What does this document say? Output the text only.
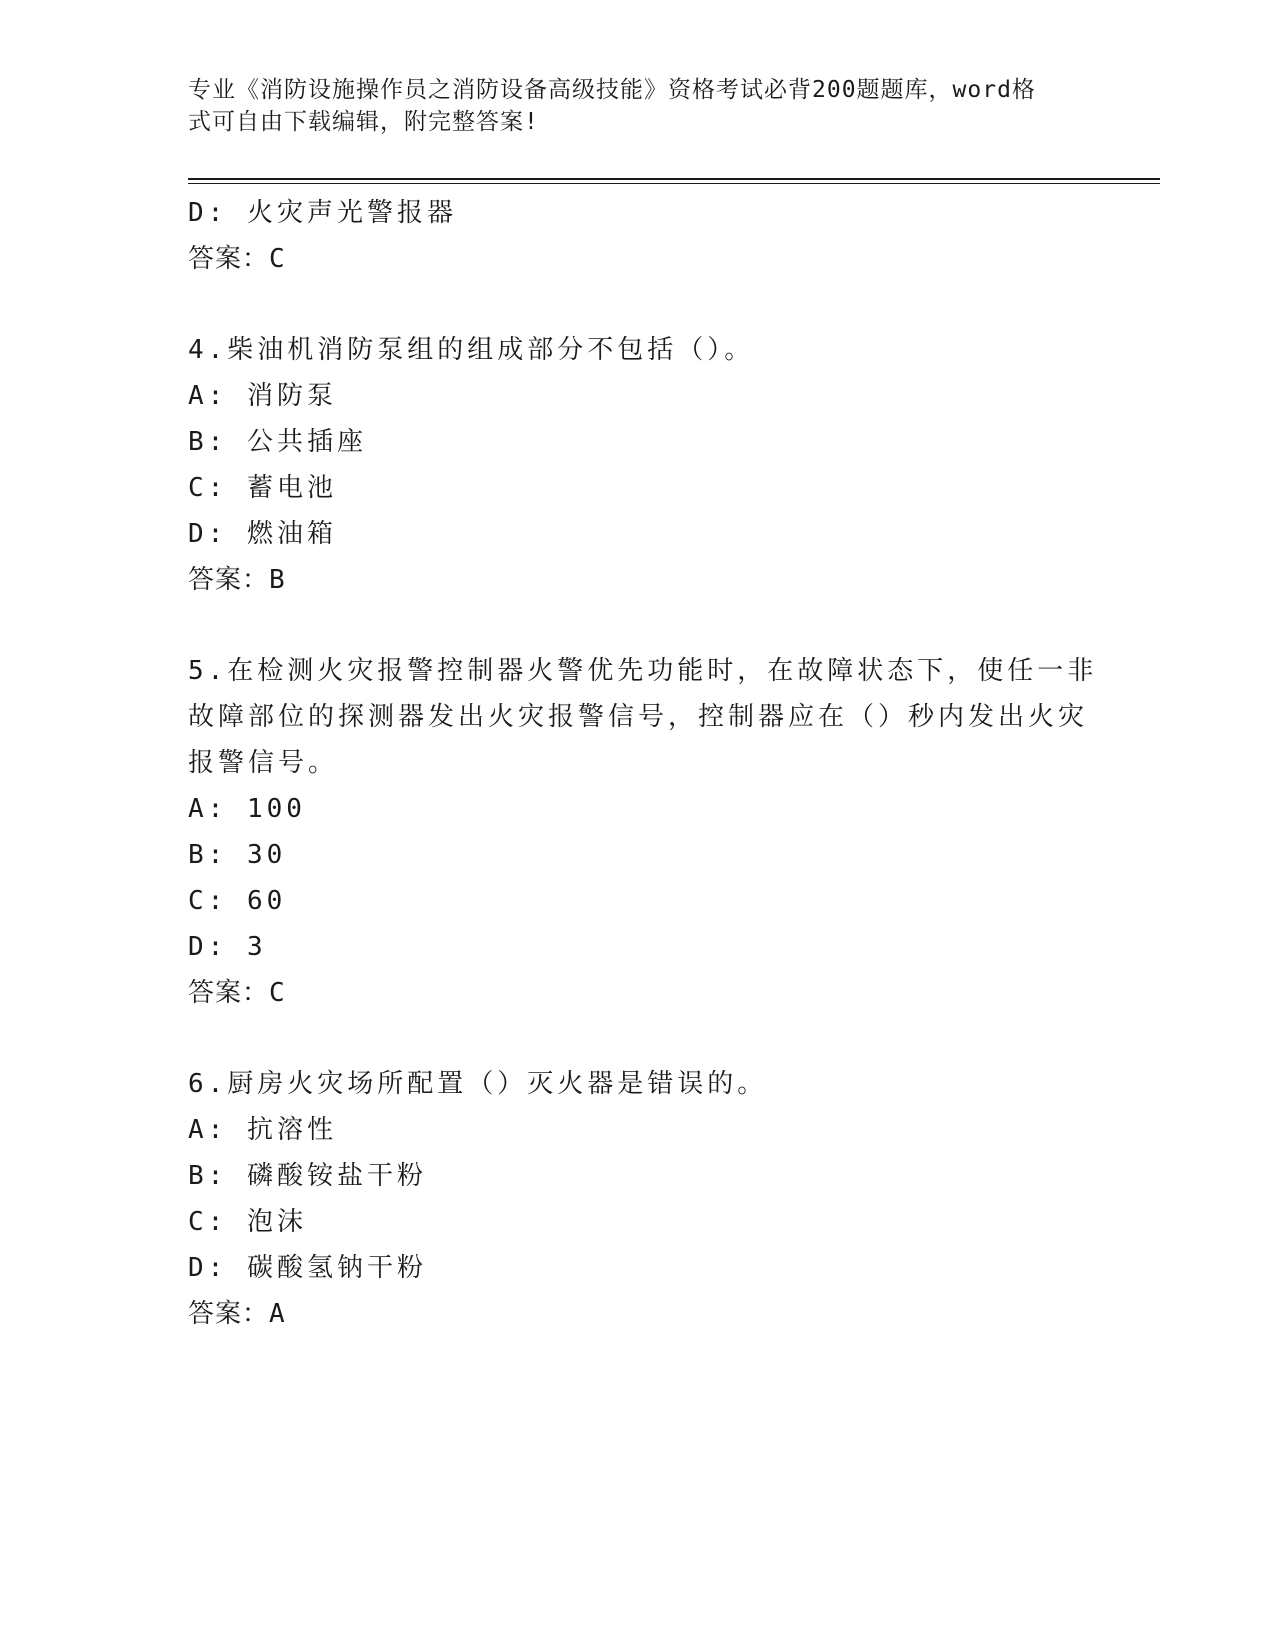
专业《消防设施操作员之消防设备高级技能》资格考试必背200题题库，word格
式可自由下载编辑，附完整答案!
D: 火灾声光警报器
答案：C
4.柴油机消防泵组的组成部分不包括（）。
A: 消防泵
B: 公共插座
C: 蓄电池
D: 燃油箱
答案：B
5.在检测火灾报警控制器火警优先功能时，在故障状态下，使任一非
故障部位的探测器发出火灾报警信号，控制器应在（）秒内发出火灾
报警信号。
A: 100
B: 30
C: 60
D: 3
答案：C
6.厨房火灾场所配置（）灭火器是错误的。
A: 抗溶性
B: 磷酸铵盐干粉
C: 泡沫
D: 碳酸氢钠干粉
答案：A
